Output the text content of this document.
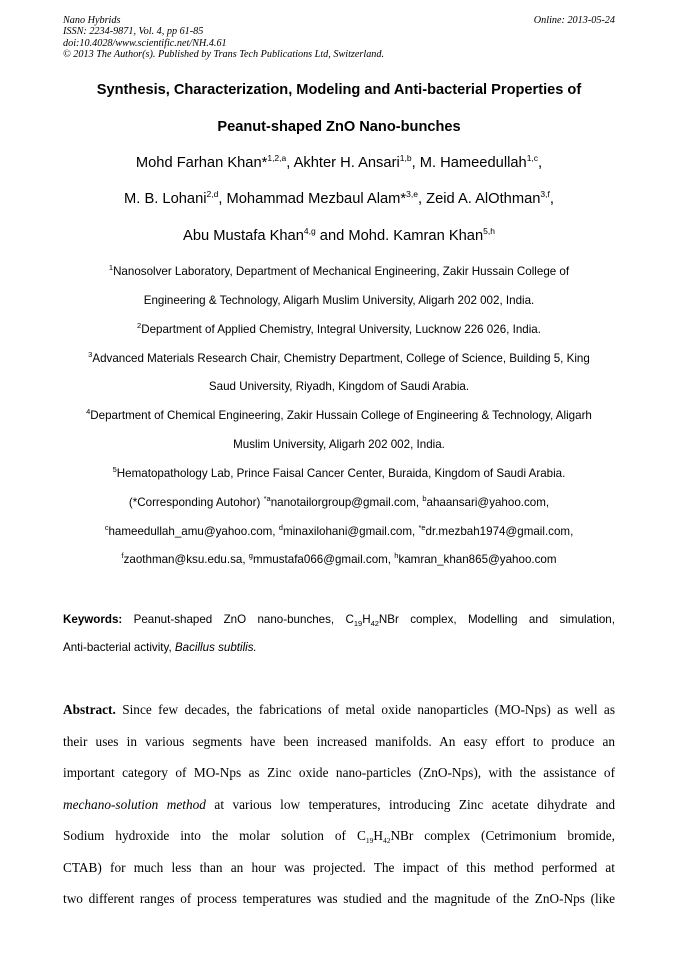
Nano Hybrids
ISSN: 2234-9871, Vol. 4, pp 61-85
doi:10.4028/www.scientific.net/NH.4.61
© 2013 The Author(s). Published by Trans Tech Publications Ltd, Switzerland.
Online: 2013-05-24
Synthesis, Characterization, Modeling and Anti-bacterial Properties of
Peanut-shaped ZnO Nano-bunches
Mohd Farhan Khan*$^{1,2,a}$, Akhter H. Ansari$^{1,b}$, M. Hameedullah$^{1,c}$,
M. B. Lohani$^{2,d}$, Mohammad Mezbaul Alam*$^{3,e}$, Zeid A. AlOthman$^{3,f}$,
Abu Mustafa Khan$^{4,g}$ and Mohd. Kamran Khan$^{5,h}$
$^1$Nanosolver Laboratory, Department of Mechanical Engineering, Zakir Hussain College of
Engineering & Technology, Aligarh Muslim University, Aligarh 202 002, India.
$^2$Department of Applied Chemistry, Integral University, Lucknow 226 026, India.
$^3$Advanced Materials Research Chair, Chemistry Department, College of Science, Building 5, King
Saud University, Riyadh, Kingdom of Saudi Arabia.
$^4$Department of Chemical Engineering, Zakir Hussain College of Engineering & Technology, Aligarh
Muslim University, Aligarh 202 002, India.
$^5$Hematopathology Lab, Prince Faisal Cancer Center, Buraida, Kingdom of Saudi Arabia.
(*Corresponding Autohor) $^{*a}$nanotailorgroup@gmail.com, $^b$ahaansari@yahoo.com,
$^c$hameedullah_amu@yahoo.com, $^d$minaxilohani@gmail.com, $^{*e}$dr.mezbah1974@gmail.com,
$^f$zaothman@ksu.edu.sa, $^g$mmustafa066@gmail.com, $^h$kamran_khan865@yahoo.com
Keywords: Peanut-shaped ZnO nano-bunches, $C_{19}H_{42}NBr$ complex, Modelling and simulation,
Anti-bacterial activity, Bacillus subtilis.
Abstract. Since few decades, the fabrications of metal oxide nanoparticles (MO-Nps) as well as
their uses in various segments have been increased manifolds. An easy effort to produce an
important category of MO-Nps as Zinc oxide nano-particles (ZnO-Nps), with the assistance of
mechano-solution method at various low temperatures, introducing Zinc acetate dihydrate and
Sodium hydroxide into the molar solution of $C_{19}H_{42}NBr$ complex (Cetrimonium bromide,
CTAB) for much less than an hour was projected. The impact of this method performed at
two different ranges of process temperatures was studied and the magnitude of the ZnO-Nps (like
